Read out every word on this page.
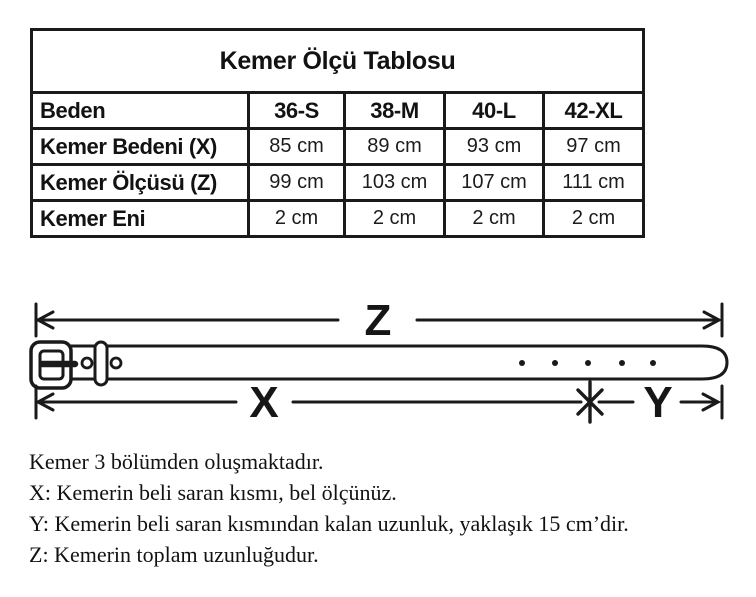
Kemer Ölçü Tablosu				
Beden	36-S	38-M	40-L	42-XL
Kemer Bedeni (X)	85 cm	89 cm	93 cm	97 cm
Kemer Ölçüsü (Z)	99 cm	103 cm	107 cm	111 cm
Kemer Eni	2 cm	2 cm	2 cm	2 cm
Z
X	Y
Kemer 3 bölümden oluşmaktadır.
X: Kemerin beli saran kısmı, bel ölçünüz.
Y: Kemerin beli saran kısmından kalan uzunluk, yaklaşık 15 cm’dir.
Z: Kemerin toplam uzunluğudur.
